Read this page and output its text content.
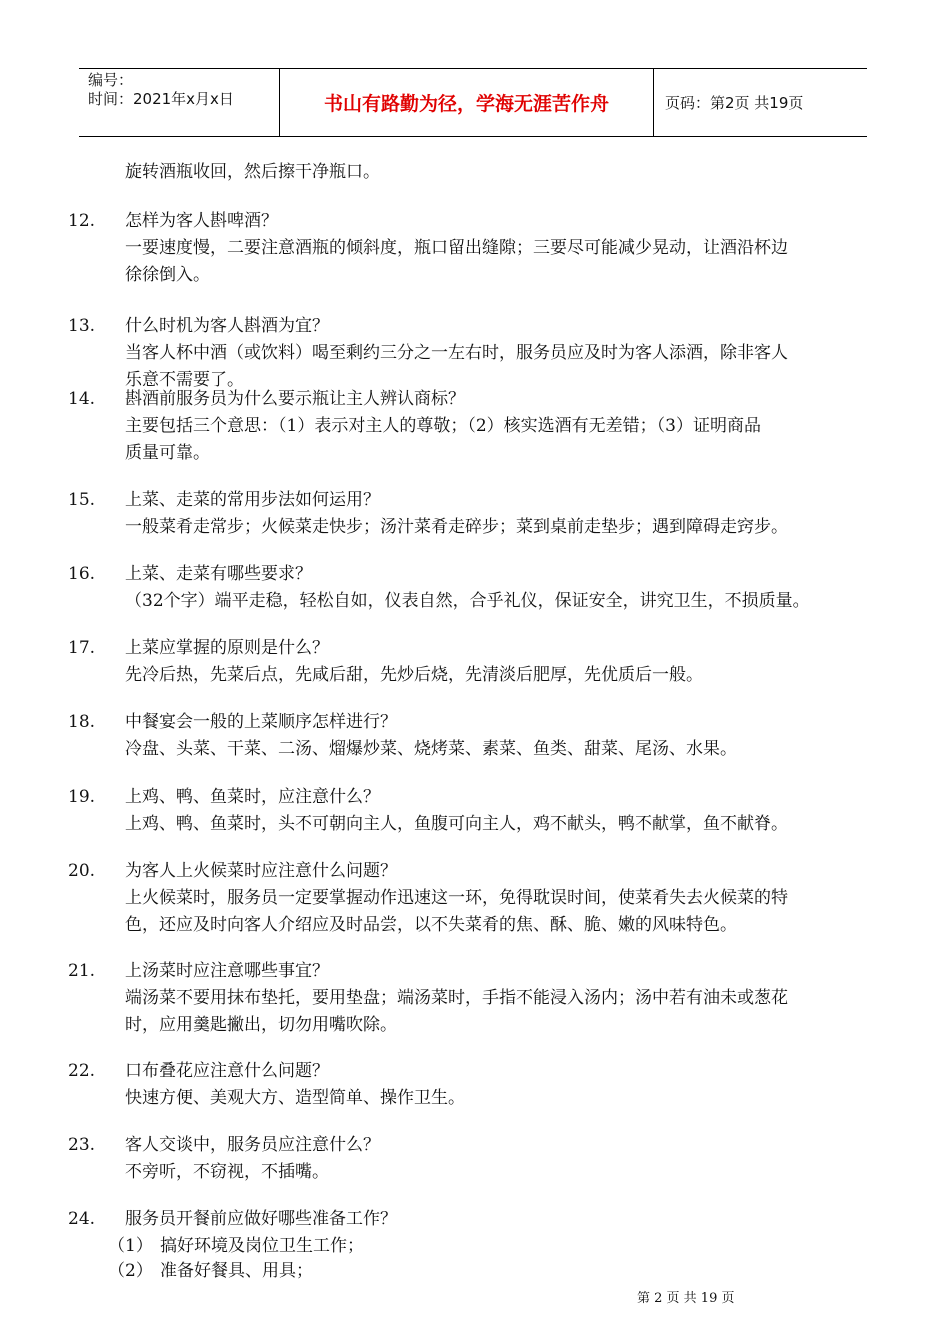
编号：
时间：2021年x月x日	书山有路勤为径，学海无涯苦作舟	页码：第2页 共19页
旋转酒瓶收回，然后擦干净瓶口。
12. 怎样为客人斟啤酒？
一要速度慢，二要注意酒瓶的倾斜度，瓶口留出缝隙；三要尽可能减少晃动，让酒沿杯边
徐徐倒入。
13. 什么时机为客人斟酒为宜？
当客人杯中酒（或饮料）喝至剩约三分之一左右时，服务员应及时为客人添酒，除非客人
乐意不需要了。
14. 斟酒前服务员为什么要示瓶让主人辨认商标？
主要包括三个意思：（1）表示对主人的尊敬；（2）核实选酒有无差错；（3）证明商品
质量可靠。
15. 上菜、走菜的常用步法如何运用？
一般菜肴走常步；火候菜走快步；汤汁菜肴走碎步；菜到桌前走垫步；遇到障碍走窍步。
16. 上菜、走菜有哪些要求？
（32个字）端平走稳，轻松自如，仪表自然，合乎礼仪，保证安全，讲究卫生，不损质量。
17. 上菜应掌握的原则是什么？
先冷后热，先菜后点，先咸后甜，先炒后烧，先清淡后肥厚，先优质后一般。
18. 中餐宴会一般的上菜顺序怎样进行？
冷盘、头菜、干菜、二汤、熘爆炒菜、烧烤菜、素菜、鱼类、甜菜、尾汤、水果。
19. 上鸡、鸭、鱼菜时，应注意什么？
上鸡、鸭、鱼菜时，头不可朝向主人，鱼腹可向主人，鸡不献头，鸭不献掌，鱼不献脊。
20. 为客人上火候菜时应注意什么问题？
上火候菜时，服务员一定要掌握动作迅速这一环，免得耽误时间，使菜肴失去火候菜的特
色，还应及时向客人介绍应及时品尝，以不失菜肴的焦、酥、脆、嫩的风味特色。
21. 上汤菜时应注意哪些事宜？
端汤菜不要用抹布垫托，要用垫盘；端汤菜时，手指不能浸入汤内；汤中若有油未或葱花
时，应用羹匙撇出，切勿用嘴吹除。
22. 口布叠花应注意什么问题？
快速方便、美观大方、造型简单、操作卫生。
23. 客人交谈中，服务员应注意什么？
不旁听，不窃视，不插嘴。
24. 服务员开餐前应做好哪些准备工作？
（1） 搞好环境及岗位卫生工作；
（2） 准备好餐具、用具；
第 2 页 共 19 页
